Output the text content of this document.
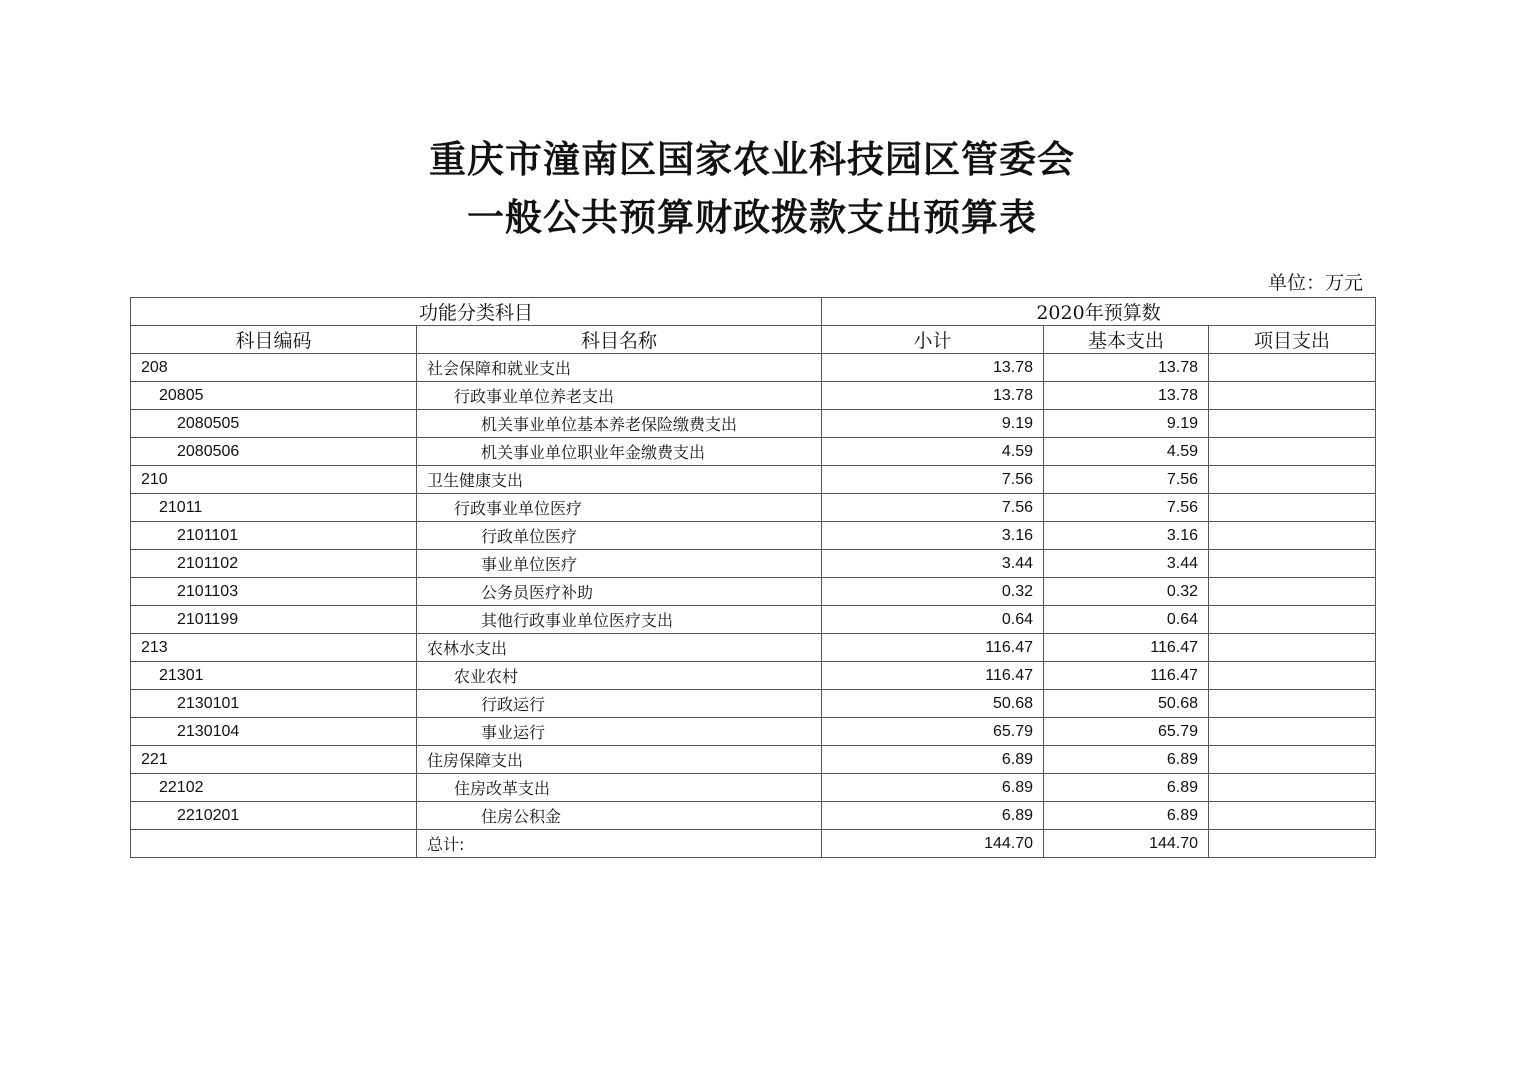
重庆市潼南区国家农业科技园区管委会
一般公共预算财政拨款支出预算表
单位：万元
功能分类科目		2020年预算数		
科目编码	科目名称	小计	基本支出	项目支出
208	社会保障和就业支出	13.78	13.78	
20805	行政事业单位养老支出	13.78	13.78	
2080505	机关事业单位基本养老保险缴费支出	9.19	9.19	
2080506	机关事业单位职业年金缴费支出	4.59	4.59	
210	卫生健康支出	7.56	7.56	
21011	行政事业单位医疗	7.56	7.56	
2101101	行政单位医疗	3.16	3.16	
2101102	事业单位医疗	3.44	3.44	
2101103	公务员医疗补助	0.32	0.32	
2101199	其他行政事业单位医疗支出	0.64	0.64	
213	农林水支出	116.47	116.47	
21301	农业农村	116.47	116.47	
2130101	行政运行	50.68	50.68	
2130104	事业运行	65.79	65.79	
221	住房保障支出	6.89	6.89	
22102	住房改革支出	6.89	6.89	
2210201	住房公积金	6.89	6.89	
	总计:	144.70	144.70	
